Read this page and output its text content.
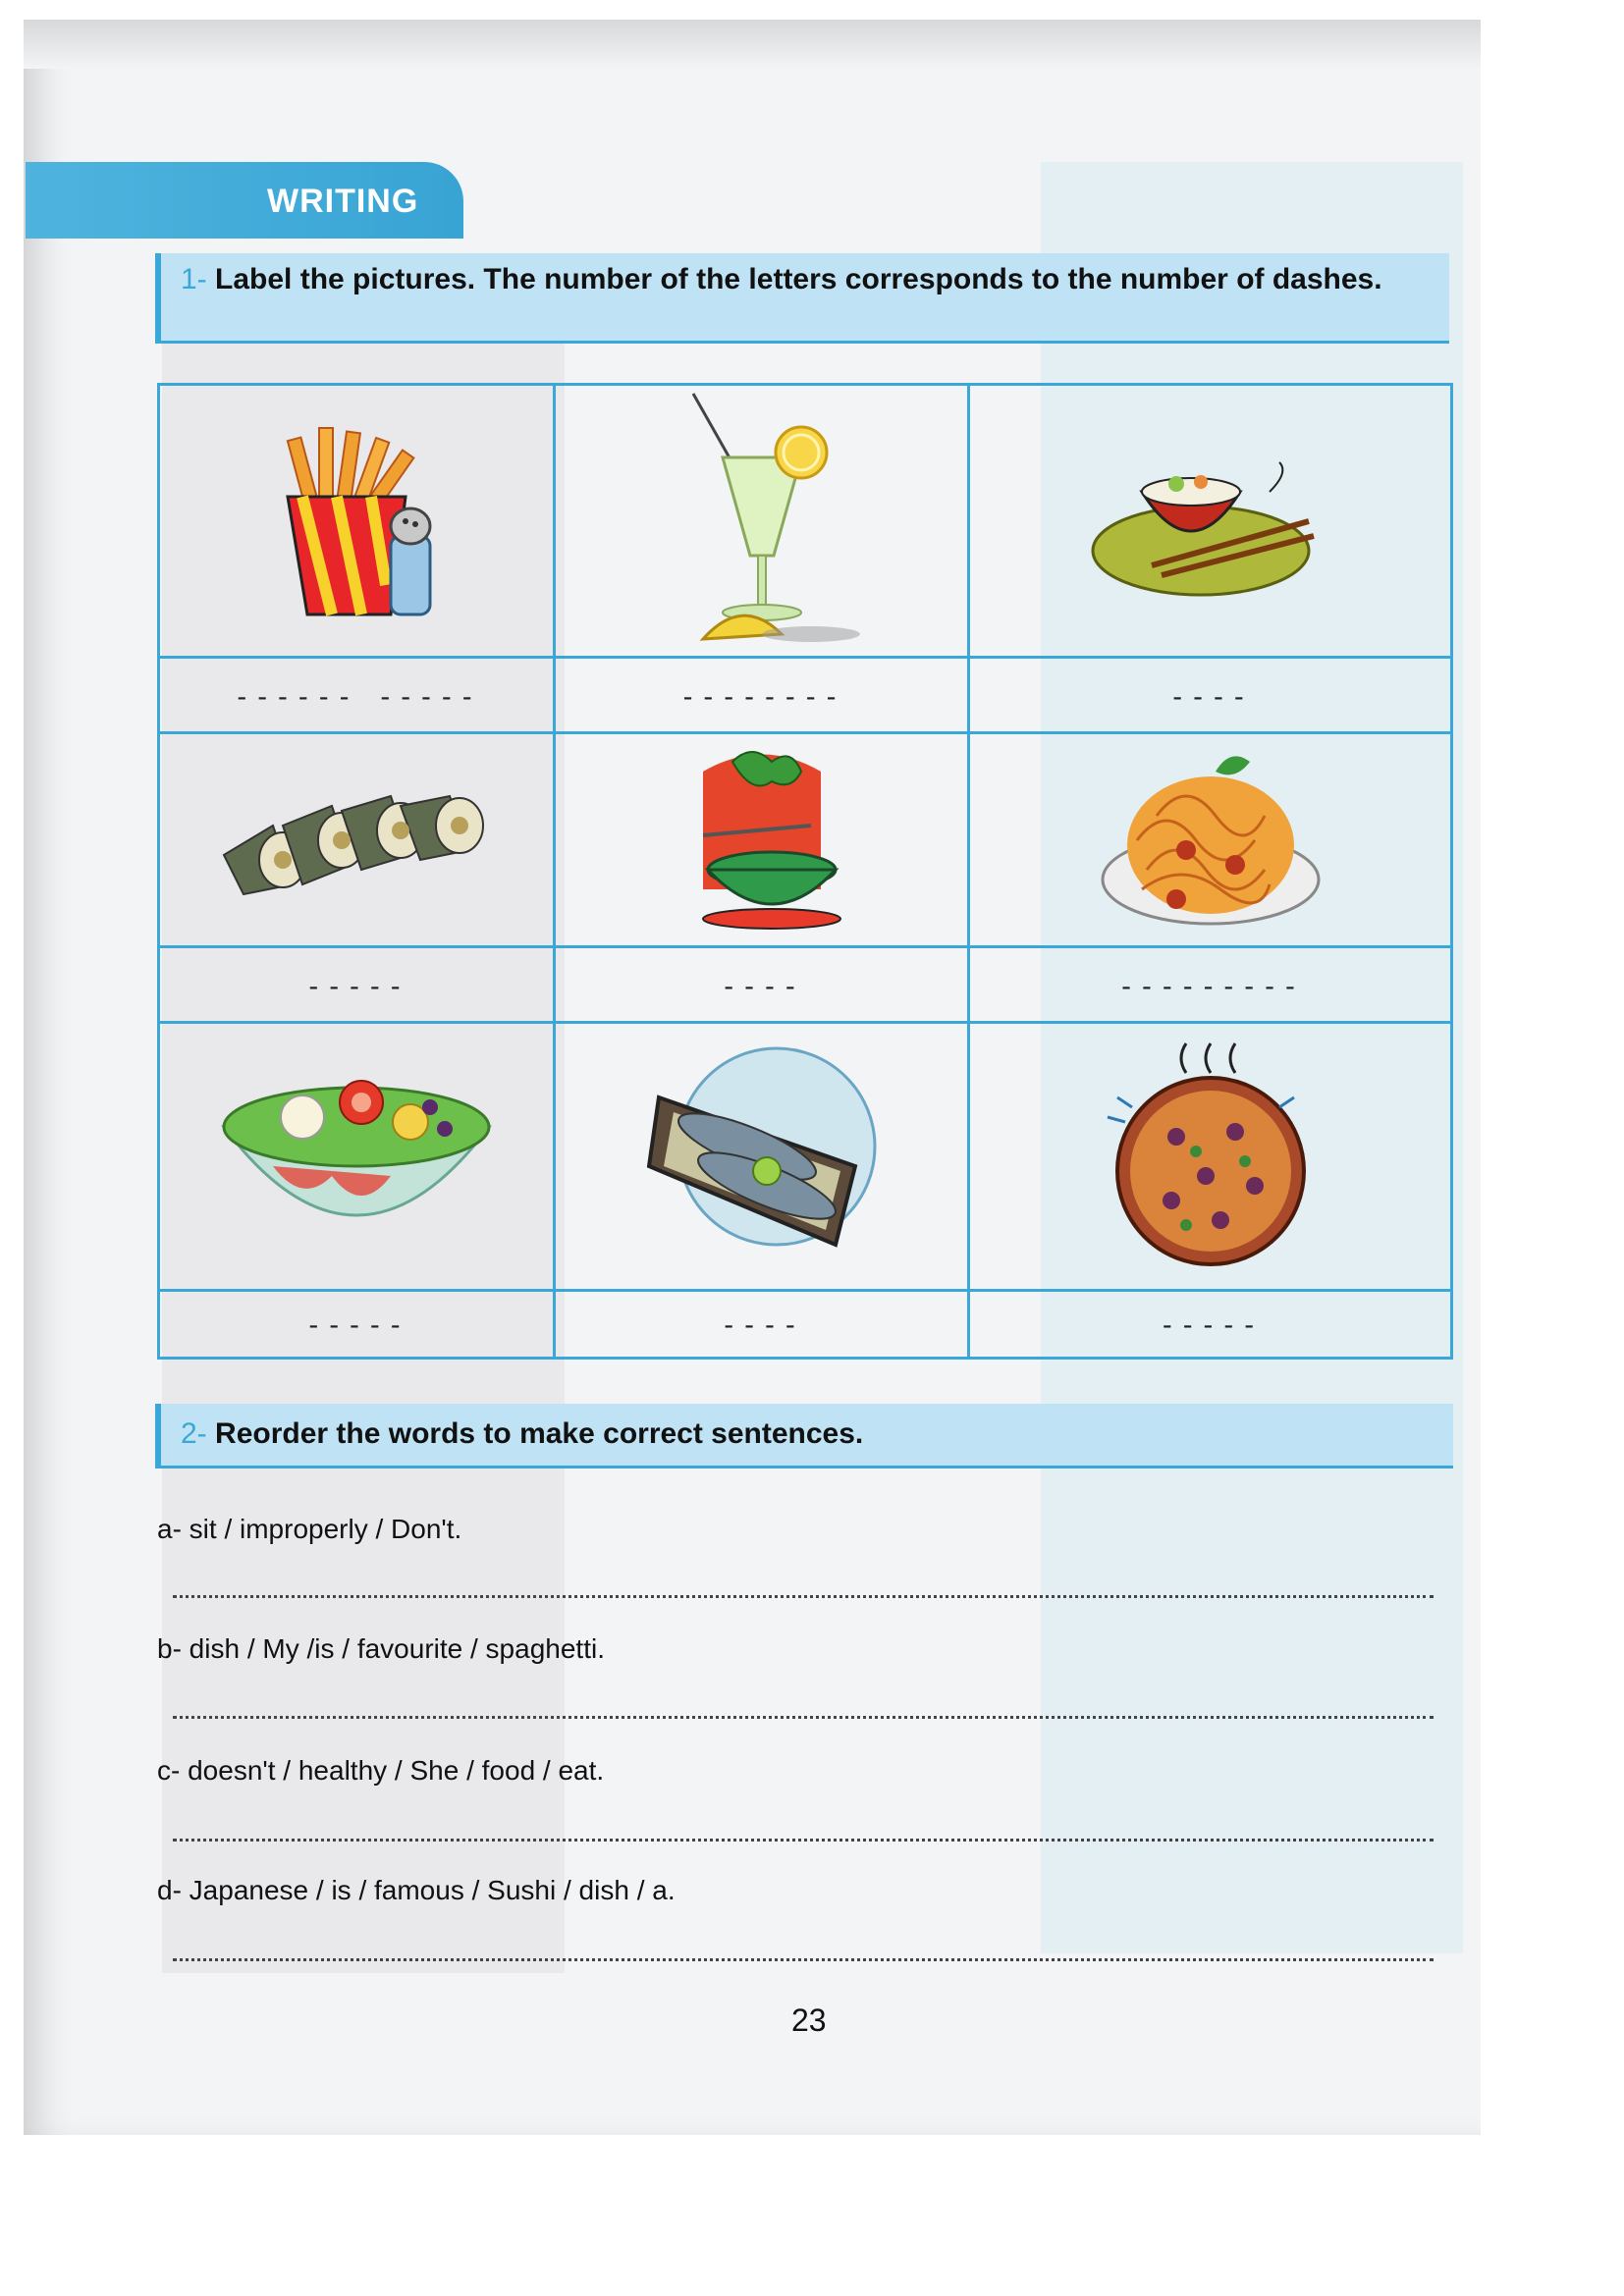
WRITING
1- Label the pictures. The number of the letters corresponds to the number of dashes.
------ -----	--------	----
-----	----	---------
-----	----	-----
2- Reorder the words to make correct sentences.
a- sit / improperly / Don't.
b- dish / My /is / favourite / spaghetti.
c- doesn't / healthy / She / food / eat.
d- Japanese / is / famous / Sushi / dish / a.
23
